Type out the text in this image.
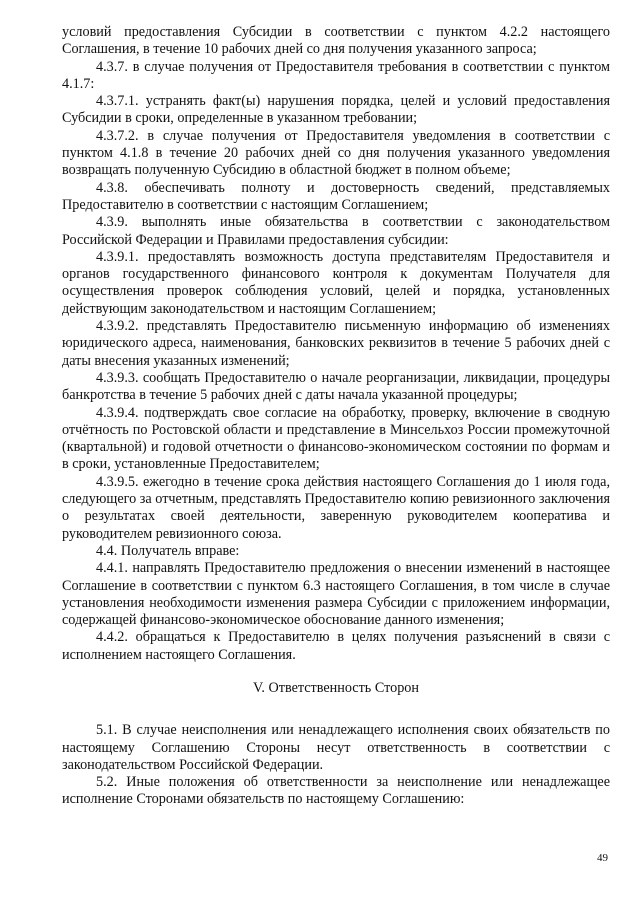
условий предоставления Субсидии в соответствии с пунктом 4.2.2 настоящего Соглашения, в течение 10 рабочих дней со дня получения указанного запроса;

4.3.7. в случае получения от Предоставителя требования в соответствии с пунктом 4.1.7:

4.3.7.1. устранять факт(ы) нарушения порядка, целей и условий предоставления Субсидии в сроки, определенные в указанном требовании;

4.3.7.2. в случае получения от Предоставителя уведомления в соответствии с пунктом 4.1.8 в течение 20 рабочих дней со дня получения указанного уведомления возвращать полученную Субсидию в областной бюджет в полном объеме;

4.3.8. обеспечивать полноту и достоверность сведений, представляемых Предоставителю в соответствии с настоящим Соглашением;

4.3.9. выполнять иные обязательства в соответствии с законодательством Российской Федерации и Правилами предоставления субсидии:

4.3.9.1. предоставлять возможность доступа представителям Предоставителя и органов государственного финансового контроля к документам Получателя для осуществления проверок соблюдения условий, целей и порядка, установленных действующим законодательством и настоящим Соглашением;

4.3.9.2. представлять Предоставителю письменную информацию об изменениях юридического адреса, наименования, банковских реквизитов в течение 5 рабочих дней с даты внесения указанных изменений;

4.3.9.3. сообщать Предоставителю о начале реорганизации, ликвидации, процедуры банкротства в течение 5 рабочих дней с даты начала указанной процедуры;

4.3.9.4. подтверждать свое согласие на обработку, проверку, включение в сводную отчётность по Ростовской области и представление в Минсельхоз России промежуточной (квартальной) и годовой отчетности о финансово-экономическом состоянии по формам и в сроки, установленные Предоставителем;

4.3.9.5. ежегодно в течение срока действия настоящего Соглашения до 1 июля года, следующего за отчетным, представлять Предоставителю копию ревизионного заключения о результатах своей деятельности, заверенную руководителем кооператива и руководителем ревизионного союза.

4.4. Получатель вправе:

4.4.1. направлять Предоставителю предложения о внесении изменений в настоящее Соглашение в соответствии с пунктом 6.3 настоящего Соглашения, в том числе в случае установления необходимости изменения размера Субсидии с приложением информации, содержащей финансово-экономическое обоснование данного изменения;

4.4.2. обращаться к Предоставителю в целях получения разъяснений в связи с исполнением настоящего Соглашения.

V. Ответственность Сторон

5.1. В случае неисполнения или ненадлежащего исполнения своих обязательств по настоящему Соглашению Стороны несут ответственность в соответствии с законодательством Российской Федерации.

5.2. Иные положения об ответственности за неисполнение или ненадлежащее исполнение Сторонами обязательств по настоящему Соглашению:

49
